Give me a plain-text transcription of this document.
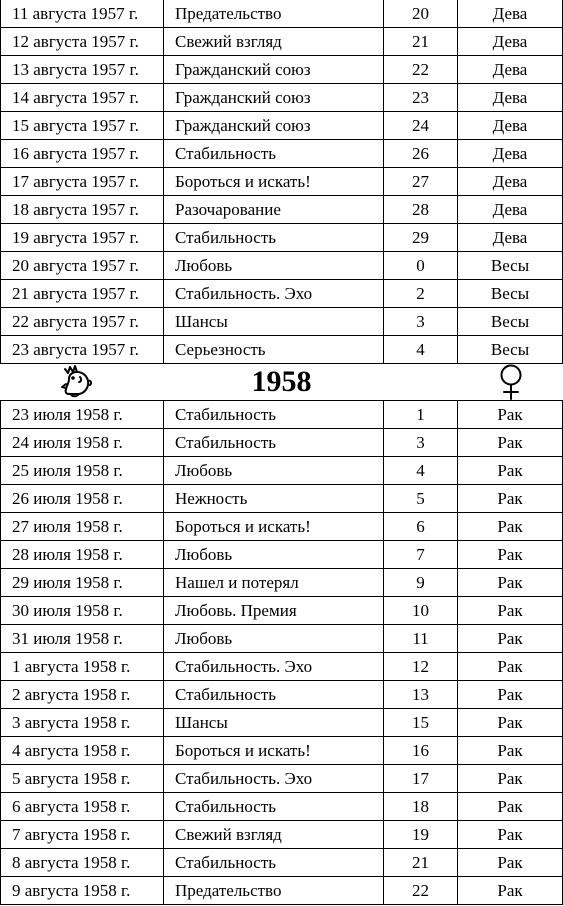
11 августа 1957 г.	Предательство	20	Дева
12 августа 1957 г.	Свежий взгляд	21	Дева
13 августа 1957 г.	Гражданский союз	22	Дева
14 августа 1957 г.	Гражданский союз	23	Дева
15 августа 1957 г.	Гражданский союз	24	Дева
16 августа 1957 г.	Стабильность	26	Дева
17 августа 1957 г.	Бороться и искать!	27	Дева
18 августа 1957 г.	Разочарование	28	Дева
19 августа 1957 г.	Стабильность	29	Дева
20 августа 1957 г.	Любовь	0	Весы
21 августа 1957 г.	Стабильность. Эхо	2	Весы
22 августа 1957 г.	Шансы	3	Весы
23 августа 1957 г.	Серьезность	4	Весы
1958
23 июля 1958 г.	Стабильность	1	Рак
24 июля 1958 г.	Стабильность	3	Рак
25 июля 1958 г.	Любовь	4	Рак
26 июля 1958 г.	Нежность	5	Рак
27 июля 1958 г.	Бороться и искать!	6	Рак
28 июля 1958 г.	Любовь	7	Рак
29 июля 1958 г.	Нашел и потерял	9	Рак
30 июля 1958 г.	Любовь. Премия	10	Рак
31 июля 1958 г.	Любовь	11	Рак
1 августа 1958 г.	Стабильность. Эхо	12	Рак
2 августа 1958 г.	Стабильность	13	Рак
3 августа 1958 г.	Шансы	15	Рак
4 августа 1958 г.	Бороться и искать!	16	Рак
5 августа 1958 г.	Стабильность. Эхо	17	Рак
6 августа 1958 г.	Стабильность	18	Рак
7 августа 1958 г.	Свежий взгляд	19	Рак
8 августа 1958 г.	Стабильность	21	Рак
9 августа 1958 г.	Предательство	22	Рак
